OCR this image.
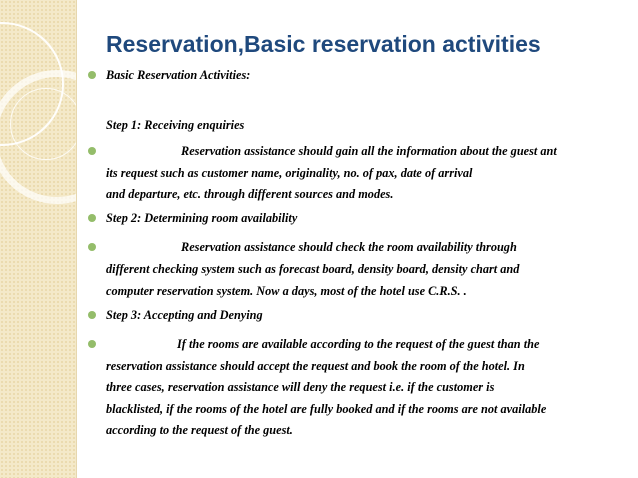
Reservation,Basic reservation activities

Basic Reservation Activities:

Step 1: Receiving enquiries

Reservation assistance should gain all the information about the guest ant

its request such as customer name, originality, no. of pax, date of arrival

and departure, etc. through different sources and modes.

Step 2: Determining room availability

Reservation assistance should check the room availability through

different checking system such as forecast board, density board, density chart and

computer reservation system. Now a days, most of the hotel use C.R.S. .

Step 3: Accepting and Denying

If the rooms are available according to the request of the guest than the

reservation assistance should accept the request and book the room of the hotel. In

three cases, reservation assistance will deny the request i.e. if the customer is

blacklisted, if the rooms of the hotel are fully booked and if the rooms are not available

according to the request of the guest.
